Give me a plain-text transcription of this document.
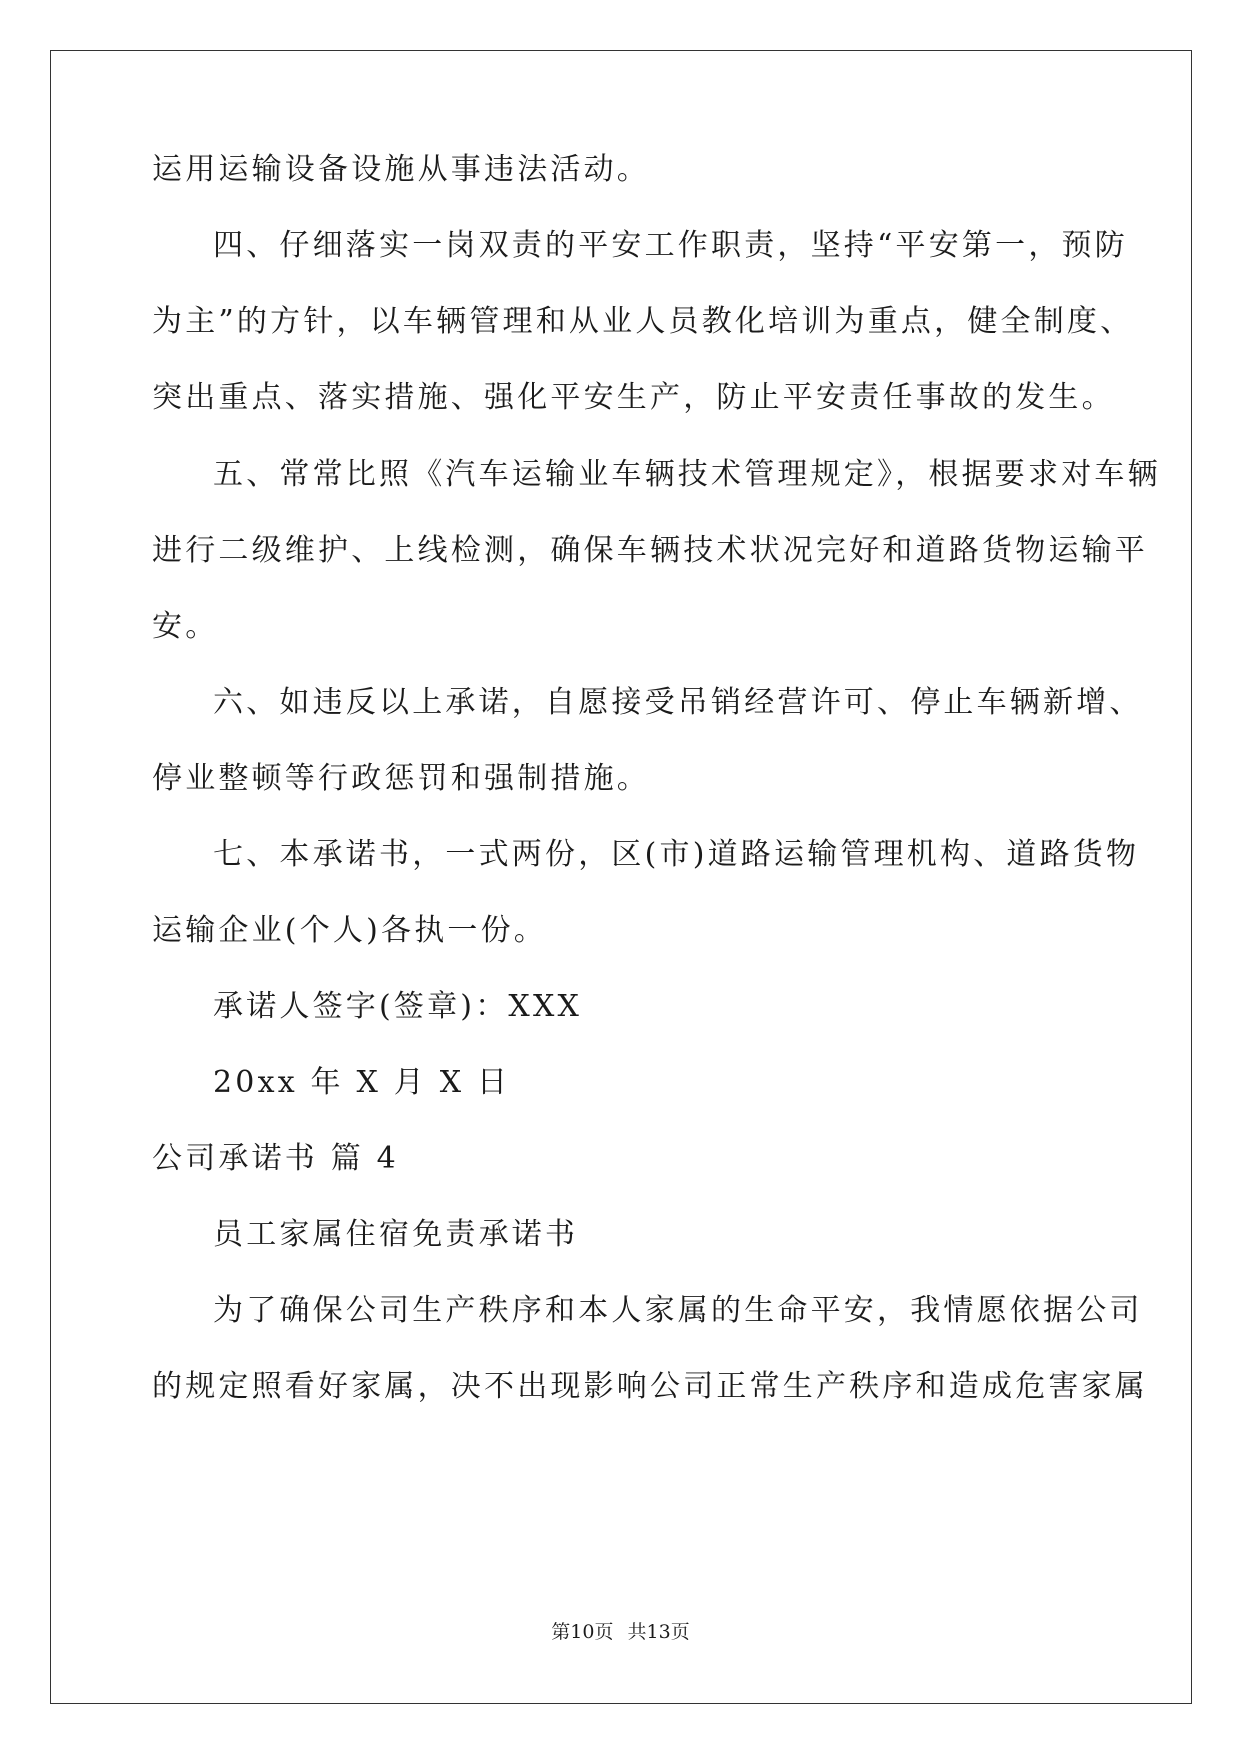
运用运输设备设施从事违法活动。
四、仔细落实一岗双责的平安工作职责，坚持“平安第一，预防
为主”的方针，以车辆管理和从业人员教化培训为重点，健全制度、
突出重点、落实措施、强化平安生产，防止平安责任事故的发生。
五、常常比照《汽车运输业车辆技术管理规定》，根据要求对车辆
进行二级维护、上线检测，确保车辆技术状况完好和道路货物运输平
安。
六、如违反以上承诺，自愿接受吊销经营许可、停止车辆新增、
停业整顿等行政惩罚和强制措施。
七、本承诺书，一式两份，区(市)道路运输管理机构、道路货物
运输企业(个人)各执一份。
承诺人签字(签章)：XXX
20xx 年 X 月 X 日
公司承诺书 篇 4
员工家属住宿免责承诺书
为了确保公司生产秩序和本人家属的生命平安，我情愿依据公司
的规定照看好家属，决不出现影响公司正常生产秩序和造成危害家属
第10页 共13页
